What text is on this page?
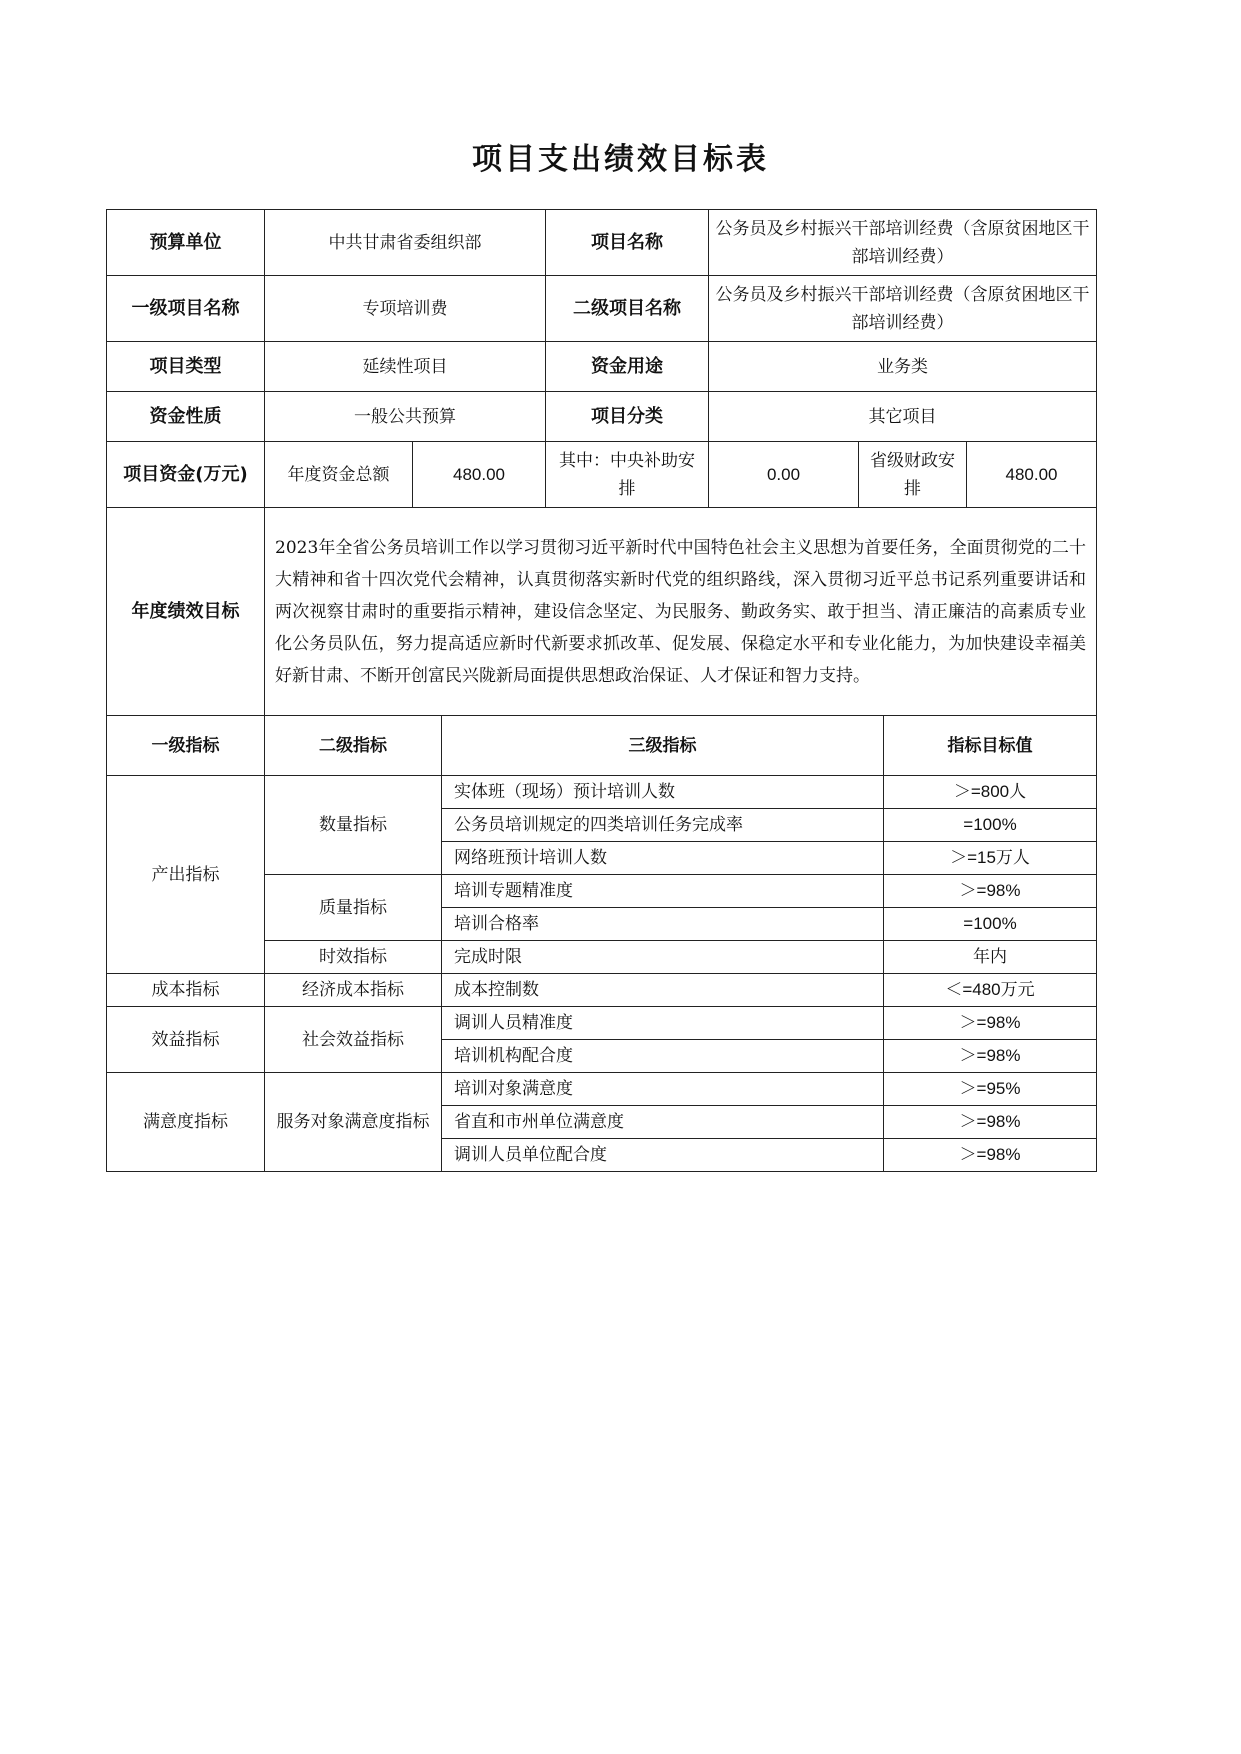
项目支出绩效目标表
预算单位	中共甘肃省委组织部		项目名称	公务员及乡村振兴干部培训经费（含原贫困地区干部培训经费）		
一级项目名称	专项培训费		二级项目名称	公务员及乡村振兴干部培训经费（含原贫困地区干部培训经费）		
项目类型	延续性项目		资金用途	业务类		
资金性质	一般公共预算		项目分类	其它项目		
项目资金(万元)	年度资金总额	480.00	其中：中央补助安排	0.00	省级财政安排	480.00
年度绩效目标	2023年全省公务员培训工作以学习贯彻习近平新时代中国特色社会主义思想为首要任务，全面贯彻党的二十大精神和省十四次党代会精神，认真贯彻落实新时代党的组织路线，深入贯彻习近平总书记系列重要讲话和两次视察甘肃时的重要指示精神，建设信念坚定、为民服务、勤政务实、敢于担当、清正廉洁的高素质专业化公务员队伍，努力提高适应新时代新要求抓改革、促发展、保稳定水平和专业化能力，为加快建设幸福美好新甘肃、不断开创富民兴陇新局面提供思想政治保证、人才保证和智力支持。					
一级指标	二级指标	三级指标	指标目标值
产出指标	数量指标	实体班（现场）预计培训人数	＞=800人
		公务员培训规定的四类培训任务完成率	=100%
		网络班预计培训人数	＞=15万人
	质量指标	培训专题精准度	＞=98%
		培训合格率	=100%
	时效指标	完成时限	年内
成本指标	经济成本指标	成本控制数	＜=480万元
效益指标	社会效益指标	调训人员精准度	＞=98%
		培训机构配合度	＞=98%
满意度指标	服务对象满意度指标	培训对象满意度	＞=95%
		省直和市州单位满意度	＞=98%
		调训人员单位配合度	＞=98%
